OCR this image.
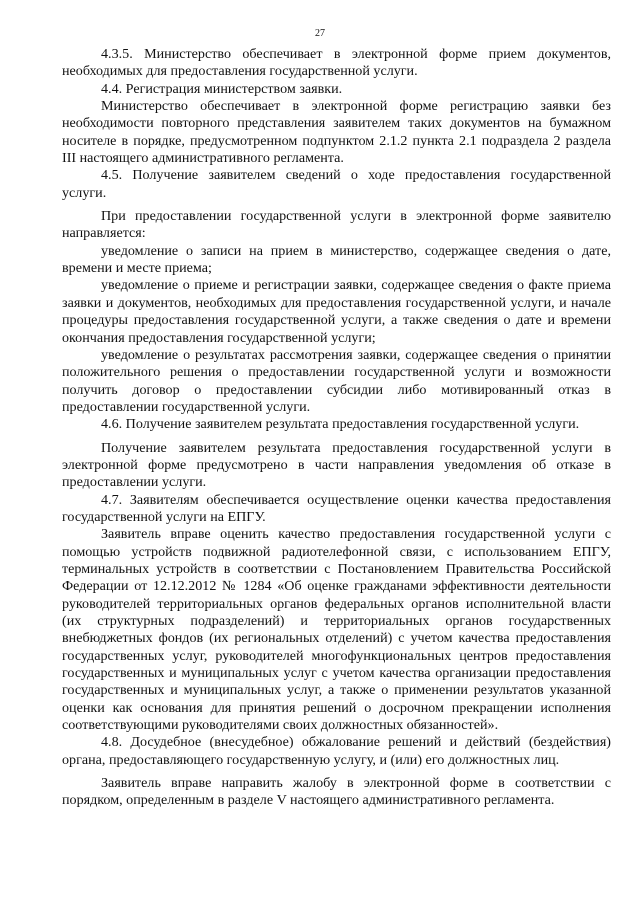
27

4.3.5. Министерство обеспечивает в электронной форме прием документов, необходимых для предоставления государственной услуги.

4.4. Регистрация министерством заявки.

Министерство обеспечивает в электронной форме регистрацию заявки без необходимости повторного представления заявителем таких документов на бумажном носителе в порядке, предусмотренном подпунктом 2.1.2 пункта 2.1 подраздела 2 раздела III настоящего административного регламента.

4.5. Получение заявителем сведений о ходе предоставления государственной услуги.

При предоставлении государственной услуги в электронной форме заявителю направляется:

уведомление о записи на прием в министерство, содержащее сведения о дате, времени и месте приема;

уведомление о приеме и регистрации заявки, содержащее сведения о факте приема заявки и документов, необходимых для предоставления государственной услуги, и начале процедуры предоставления государственной услуги, а также сведения о дате и времени окончания предоставления государственной услуги;

уведомление о результатах рассмотрения заявки, содержащее сведения о принятии положительного решения о предоставлении государственной услуги и возможности получить договор о предоставлении субсидии либо мотивированный отказ в предоставлении государственной услуги.

4.6. Получение заявителем результата предоставления государственной услуги.

Получение заявителем результата предоставления государственной услуги в электронной форме предусмотрено в части направления уведомления об отказе в предоставлении услуги.

4.7. Заявителям обеспечивается осуществление оценки качества предоставления государственной услуги на ЕПГУ.

Заявитель вправе оценить качество предоставления государственной услуги с помощью устройств подвижной радиотелефонной связи, с использованием ЕПГУ, терминальных устройств в соответствии с Постановлением Правительства Российской Федерации от 12.12.2012 № 1284 «Об оценке гражданами эффективности деятельности руководителей территориальных органов федеральных органов исполнительной власти (их структурных подразделений) и территориальных органов государственных внебюджетных фондов (их региональных отделений) с учетом качества предоставления государственных услуг, руководителей многофункциональных центров предоставления государственных и муниципальных услуг с учетом качества организации предоставления государственных и муниципальных услуг, а также о применении результатов указанной оценки как основания для принятия решений о досрочном прекращении исполнения соответствующими руководителями своих должностных обязанностей».

4.8. Досудебное (внесудебное) обжалование решений и действий (бездействия) органа, предоставляющего государственную услугу, и (или) его должностных лиц.

Заявитель вправе направить жалобу в электронной форме в соответствии с порядком, определенным в разделе V настоящего административного регламента.
